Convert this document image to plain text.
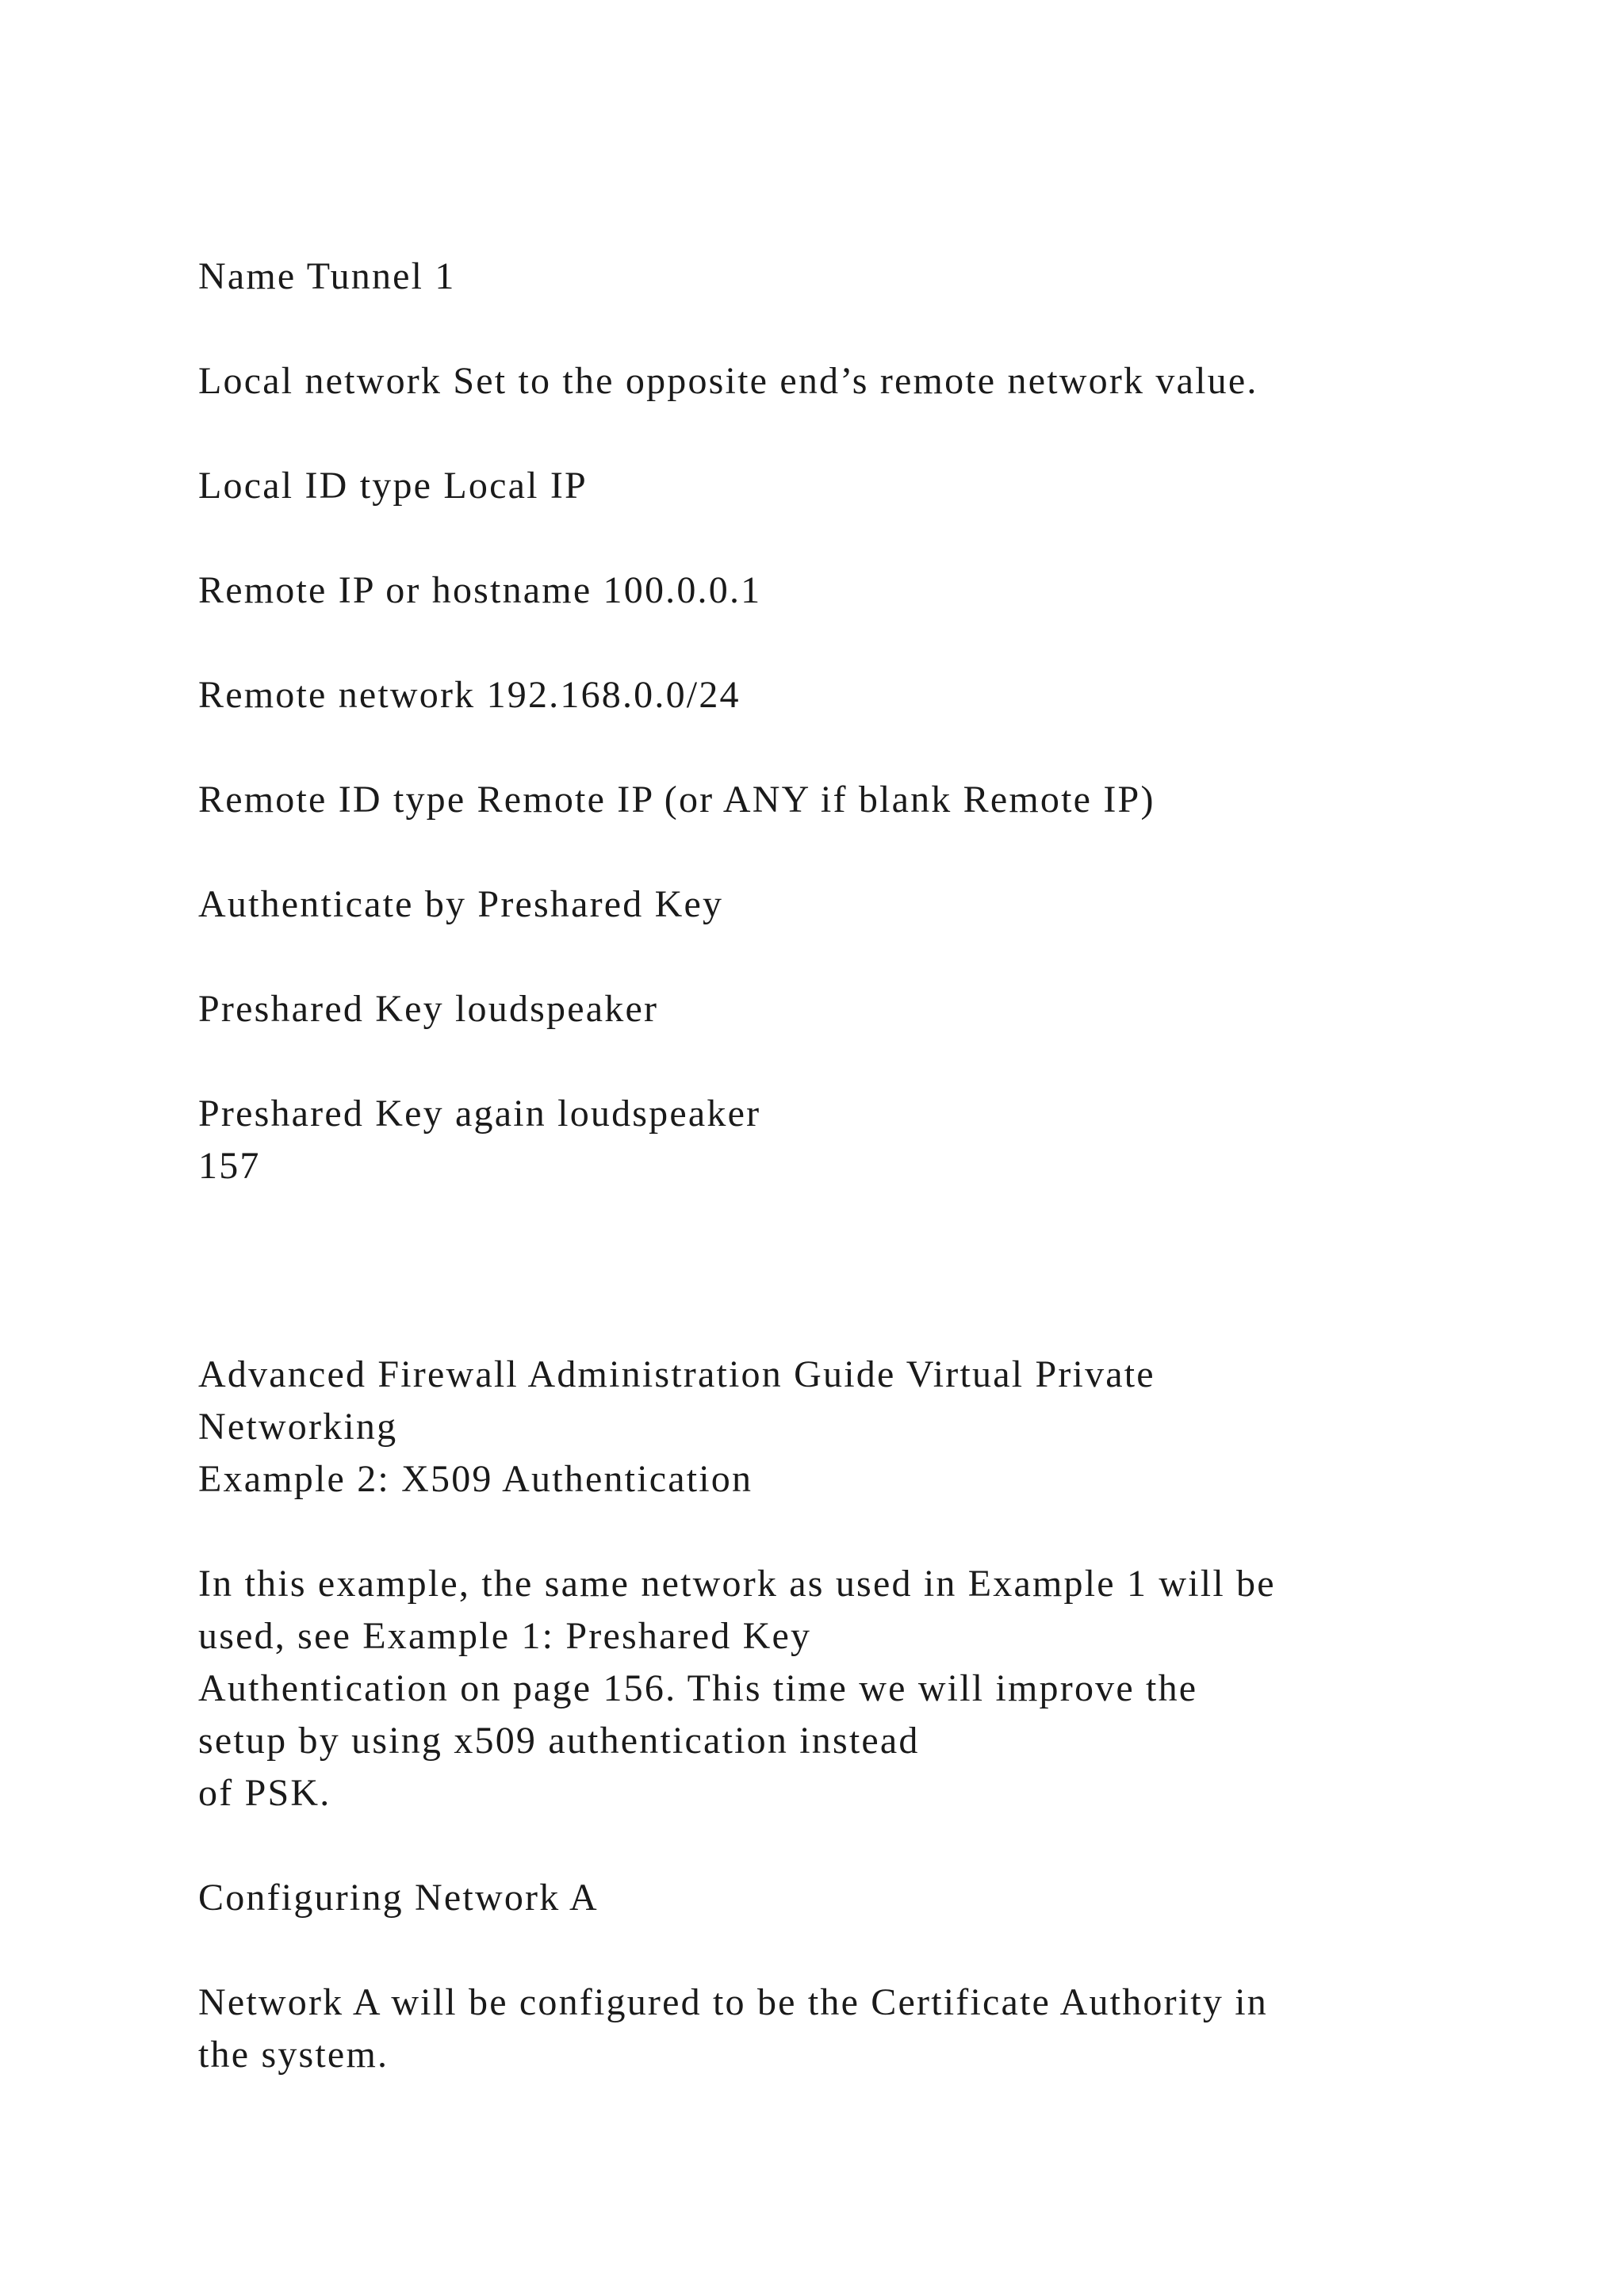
Name Tunnel 1

Local network Set to the opposite end’s remote network value.

Local ID type Local IP

Remote IP or hostname 100.0.0.1

Remote network 192.168.0.0/24

Remote ID type Remote IP (or ANY if blank Remote IP)

Authenticate by Preshared Key

Preshared Key loudspeaker

Preshared Key again loudspeaker

157

Advanced Firewall Administration Guide Virtual Private
Networking

Example 2: X509 Authentication

In this example, the same network as used in Example 1 will be
used, see Example 1: Preshared Key
Authentication on page 156. This time we will improve the
setup by using x509 authentication instead
of PSK.

Configuring Network A

Network A will be configured to be the Certificate Authority in
the system.
